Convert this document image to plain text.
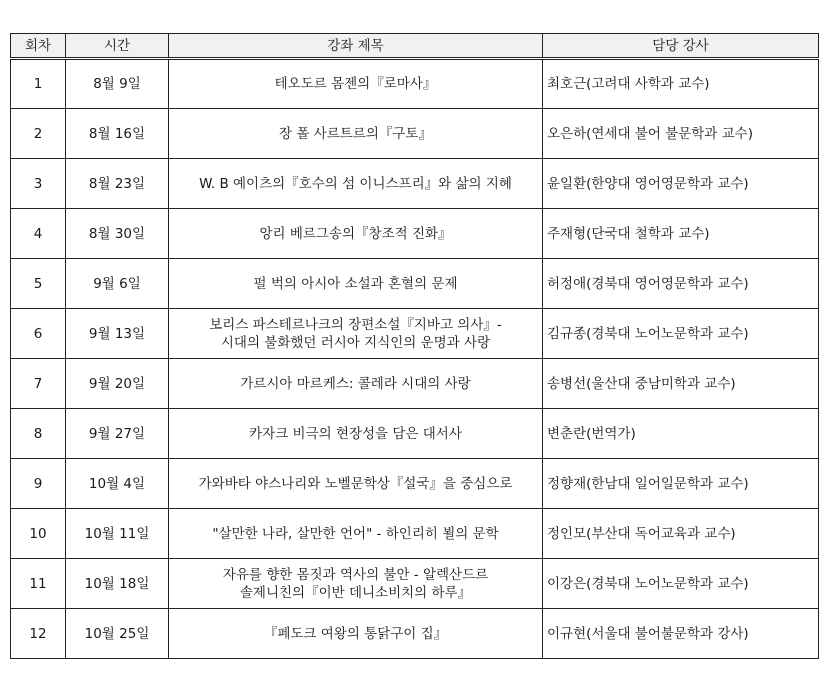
회차	시간	강좌 제목	담당 강사
1	8월 9일	테오도르 몸젠의『로마사』	최호근(고려대 사학과 교수)
2	8월 16일	장 폴 사르트르의『구토』	오은하(연세대 불어 불문학과 교수)
3	8월 23일	W. B 예이츠의『호수의 섬 이니스프리』와 삶의 지혜	윤일환(한양대 영어영문학과 교수)
4	8월 30일	앙리 베르그송의『창조적 진화』	주재형(단국대 철학과 교수)
5	9월 6일	펄 벅의 아시아 소설과 혼혈의 문제	허정애(경북대 영어영문학과 교수)
6	9월 13일	보리스 파스테르나크의 장편소설『지바고 의사』-
시대의 불화했던 러시아 지식인의 운명과 사랑	김규종(경북대 노어노문학과 교수)
7	9월 20일	가르시아 마르케스: 콜레라 시대의 사랑	송병선(울산대 중남미학과 교수)
8	9월 27일	카자크 비극의 현장성을 담은 대서사	변춘란(번역가)
9	10월 4일	가와바타 야스나리와 노벨문학상『설국』을 중심으로	정향재(한남대 일어일문학과 교수)
10	10월 11일	"살만한 나라, 살만한 언어" - 하인리히 뵐의 문학	정인모(부산대 독어교육과 교수)
11	10월 18일	자유를 향한 몸짓과 역사의 불안 - 알렉산드르
솔제니친의『이반 데니소비치의 하루』	이강은(경북대 노어노문학과 교수)
12	10월 25일	『페도크 여왕의 통닭구이 집』	이규현(서울대 불어불문학과 강사)
